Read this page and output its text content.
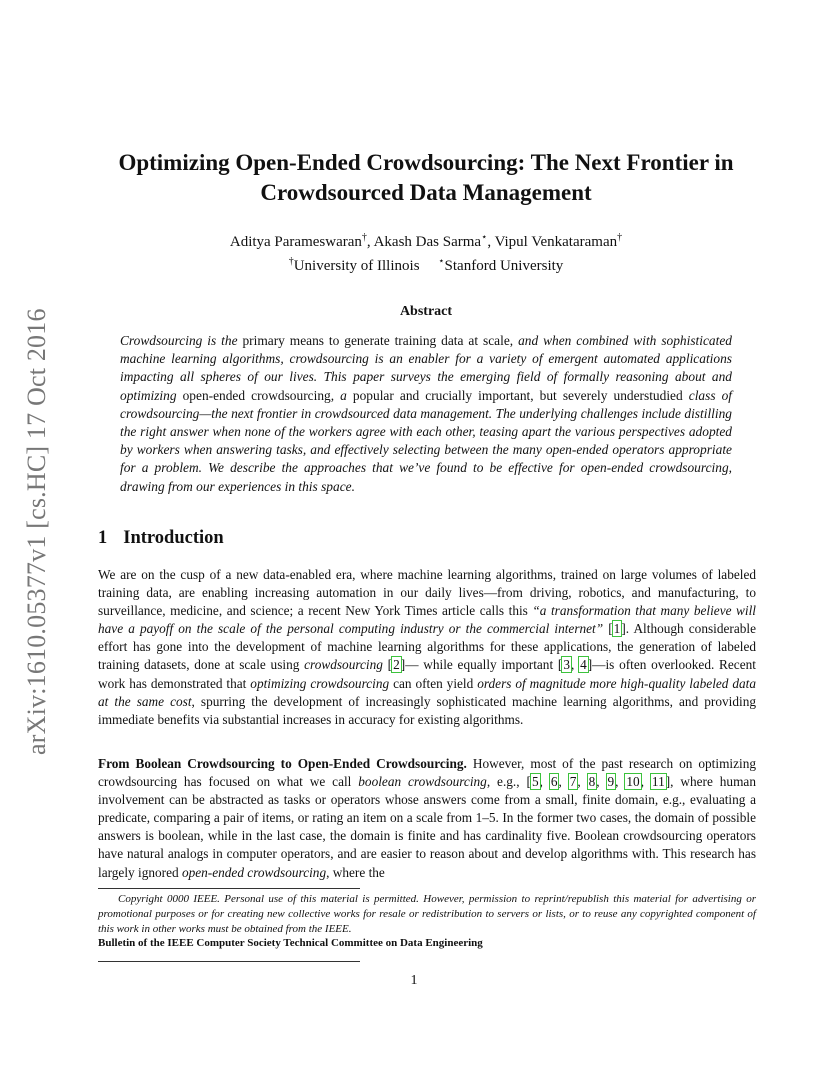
arXiv:1610.05377v1 [cs.HC] 17 Oct 2016
Optimizing Open-Ended Crowdsourcing: The Next Frontier in
Crowdsourced Data Management
Aditya Parameswaran†, Akash Das Sarma⋆, Vipul Venkataraman†
†University of Illinois ⋆Stanford University
Abstract

Crowdsourcing is the primary means to generate training data at scale, and when combined with sophisticated machine learning algorithms, crowdsourcing is an enabler for a variety of emergent automated applications impacting all spheres of our lives. This paper surveys the emerging field of formally reasoning about and optimizing open-ended crowdsourcing, a popular and crucially important, but severely understudied class of crowdsourcing—the next frontier in crowdsourced data management. The underlying challenges include distilling the right answer when none of the workers agree with each other, teasing apart the various perspectives adopted by workers when answering tasks, and effectively selecting between the many open-ended operators appropriate for a problem. We describe the approaches that we’ve found to be effective for open-ended crowdsourcing, drawing from our experiences in this space.

1 Introduction

We are on the cusp of a new data-enabled era, where machine learning algorithms, trained on large volumes of labeled training data, are enabling increasing automation in our daily lives—from driving, robotics, and manufacturing, to surveillance, medicine, and science; a recent New York Times article calls this “a transformation that many believe will have a payoff on the scale of the personal computing industry or the commercial internet” [1]. Although considerable effort has gone into the development of machine learning algorithms for these applications, the generation of labeled training datasets, done at scale using crowdsourcing [2]— while equally important [3, 4]—is often overlooked. Recent work has demonstrated that optimizing crowdsourcing can often yield orders of magnitude more high-quality labeled data at the same cost, spurring the development of increasingly sophisticated machine learning algorithms, and providing immediate benefits via substantial increases in accuracy for existing algorithms.

From Boolean Crowdsourcing to Open-Ended Crowdsourcing. However, most of the past research on optimizing crowdsourcing has focused on what we call boolean crowdsourcing, e.g., [5, 6, 7, 8, 9, 10, 11], where human involvement can be abstracted as tasks or operators whose answers come from a small, finite domain, e.g., evaluating a predicate, comparing a pair of items, or rating an item on a scale from 1–5. In the former two cases, the domain of possible answers is boolean, while in the last case, the domain is finite and has cardinality five. Boolean crowdsourcing operators have natural analogs in computer operators, and are easier to reason about and develop algorithms with. This research has largely ignored open-ended crowdsourcing, where the

Copyright 0000 IEEE. Personal use of this material is permitted. However, permission to reprint/republish this material for advertising or promotional purposes or for creating new collective works for resale or redistribution to servers or lists, or to reuse any copyrighted component of this work in other works must be obtained from the IEEE.

Bulletin of the IEEE Computer Society Technical Committee on Data Engineering
1
